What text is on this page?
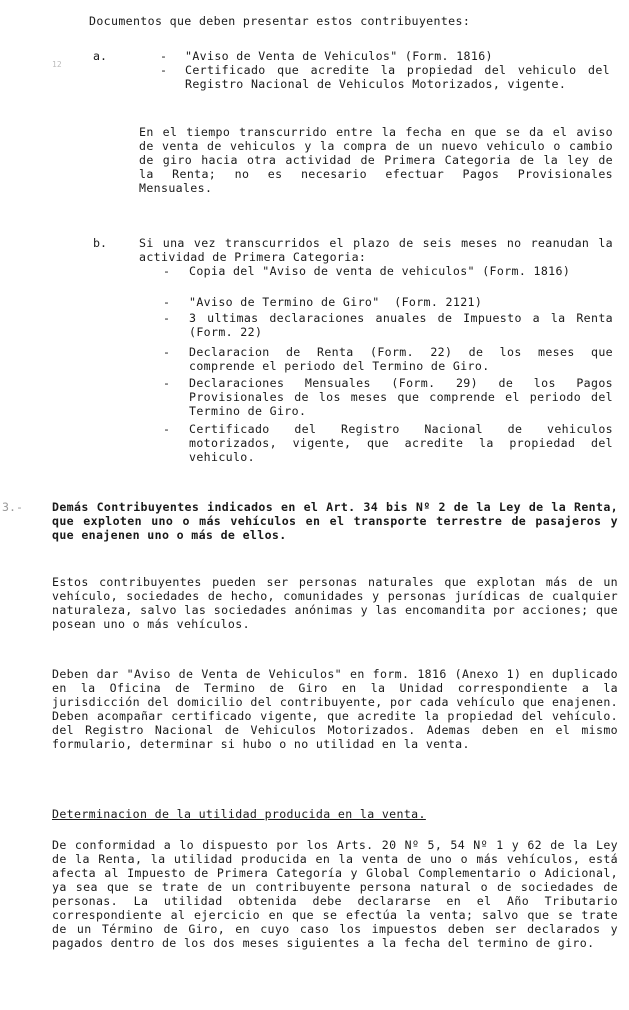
12
Documentos que deben presentar estos contribuyentes:
a.	- "Aviso de Venta de Vehiculos" (Form. 1816)
- Certificado que acredite la propiedad del vehiculo del Registro Nacional de Vehiculos Motorizados, vigente.
En el tiempo transcurrido entre la fecha en que se da el aviso de venta de vehiculos y la compra de un nuevo vehiculo o cambio de giro hacia otra actividad de Primera Categoria de la ley de la Renta; no es necesario efectuar Pagos Provisionales Mensuales.
b.	Si una vez transcurridos el plazo de seis meses no reanudan la actividad de Primera Categoria:
- Copia del "Aviso de venta de vehiculos" (Form. 1816)
- "Aviso de Termino de Giro"  (Form. 2121)
- 3 ultimas declaraciones anuales de Impuesto a la Renta (Form. 22)
- Declaracion de Renta (Form. 22) de los meses que comprende el periodo del Termino de Giro.
- Declaraciones Mensuales (Form. 29) de los Pagos Provisionales de los meses que comprende el periodo del Termino de Giro.
- Certificado del Registro Nacional de vehiculos motorizados, vigente, que acredite la propiedad del vehiculo.
3.-	Demás Contribuyentes indicados en el Art. 34 bis Nº 2 de la Ley de la Renta, que exploten uno o más vehículos en el transporte terrestre de pasajeros y que enajenen uno o más de ellos.
Estos contribuyentes pueden ser personas naturales que explotan más de un vehículo, sociedades de hecho, comunidades y personas jurídicas de cualquier naturaleza, salvo las sociedades anónimas y las encomandita por acciones; que posean uno o más vehículos.
Deben dar "Aviso de Venta de Vehiculos" en form. 1816 (Anexo 1) en duplicado en la Oficina de Termino de Giro en la Unidad correspondiente a la jurisdicción del domicilio del contribuyente, por cada vehículo que enajenen. Deben acompañar certificado vigente, que acredite la propiedad del vehículo. del Registro Nacional de Vehiculos Motorizados. Ademas deben en el mismo formulario, determinar si hubo o no utilidad en la venta.
Determinacion de la utilidad producida en la venta.
De conformidad a lo dispuesto por los Arts. 20 Nº 5, 54 Nº 1 y 62 de la Ley de la Renta, la utilidad producida en la venta de uno o más vehículos, está afecta al Impuesto de Primera Categoría y Global Complementario o Adicional, ya sea que se trate de un contribuyente persona natural o de sociedades de personas. La utilidad obtenida debe declararse en el Año Tributario correspondiente al ejercicio en que se efectúa la venta; salvo que se trate de un Término de Giro, en cuyo caso los impuestos deben ser declarados y pagados dentro de los dos meses siguientes a la fecha del termino de giro.
